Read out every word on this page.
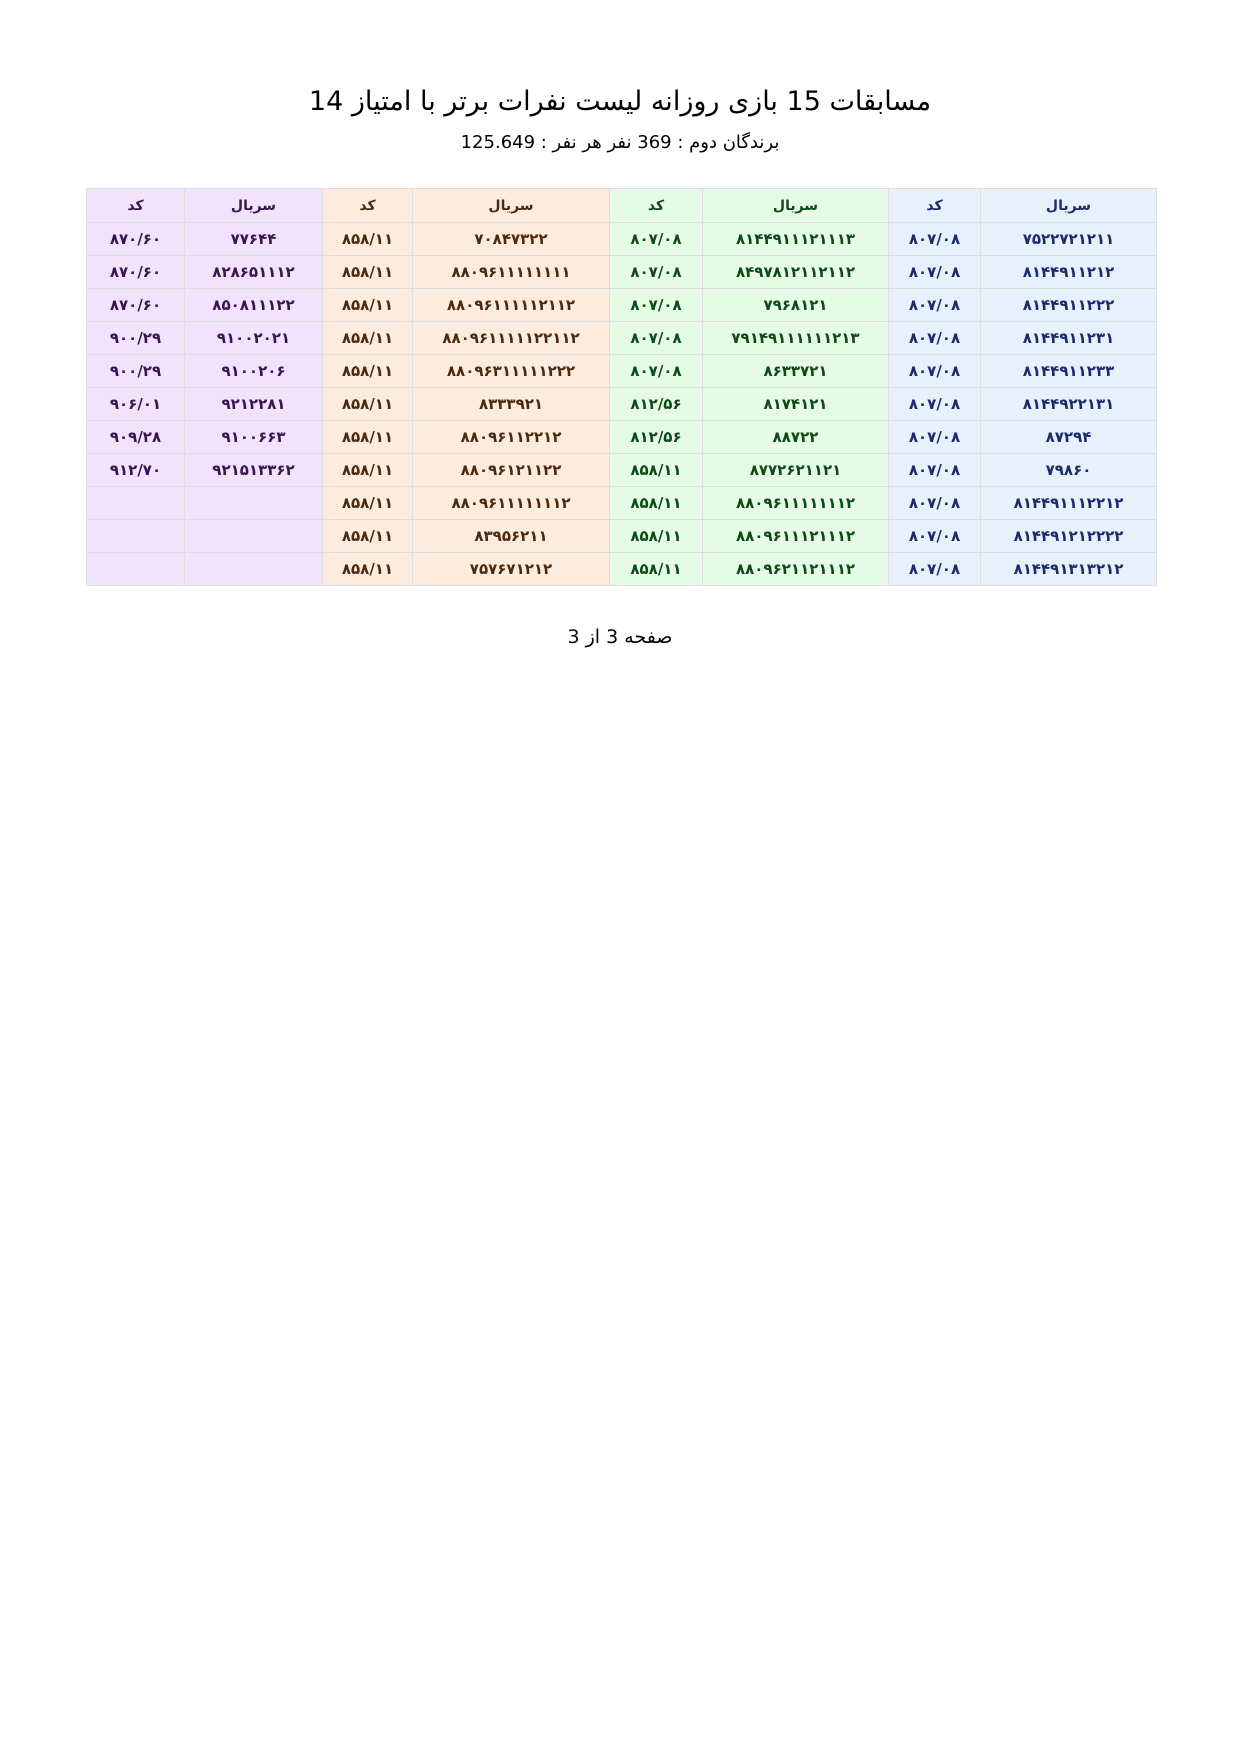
مسابقات 15 بازی روزانه لیست نفرات برتر با امتیاز 14

برندگان دوم : 369 نفر هر نفر : 125.649

سریال	کد	سریال	کد	سریال	کد	سریال	کد
۷۵۲۲۷۲۱۲۱۱	۸۰۷/۰۸	۸۱۴۴۹۱۱۱۲۱۱۱۳	۸۰۷/۰۸	۷۰۸۴۷۳۲۲	۸۵۸/۱۱	۷۷۶۴۴	۸۷۰/۶۰
۸۱۴۴۹۱۱۲۱۲	۸۰۷/۰۸	۸۴۹۷۸۱۲۱۱۲۱۱۲	۸۰۷/۰۸	۸۸۰۹۶۱۱۱۱۱۱۱۱	۸۵۸/۱۱	۸۲۸۶۵۱۱۱۲	۸۷۰/۶۰
۸۱۴۴۹۱۱۲۲۲	۸۰۷/۰۸	۷۹۶۸۱۲۱	۸۰۷/۰۸	۸۸۰۹۶۱۱۱۱۱۲۱۱۲	۸۵۸/۱۱	۸۵۰۸۱۱۱۲۲	۸۷۰/۶۰
۸۱۴۴۹۱۱۲۳۱	۸۰۷/۰۸	۷۹۱۴۹۱۱۱۱۱۱۲۱۳	۸۰۷/۰۸	۸۸۰۹۶۱۱۱۱۱۲۲۱۱۲	۸۵۸/۱۱	۹۱۰۰۲۰۲۱	۹۰۰/۲۹
۸۱۴۴۹۱۱۲۳۳	۸۰۷/۰۸	۸۶۳۳۷۲۱	۸۰۷/۰۸	۸۸۰۹۶۳۱۱۱۱۱۲۲۲	۸۵۸/۱۱	۹۱۰۰۲۰۶	۹۰۰/۲۹
۸۱۴۴۹۲۲۱۳۱	۸۰۷/۰۸	۸۱۷۴۱۲۱	۸۱۲/۵۶	۸۳۳۳۹۲۱	۸۵۸/۱۱	۹۲۱۲۲۸۱	۹۰۶/۰۱
۸۷۲۹۴	۸۰۷/۰۸	۸۸۷۲۲	۸۱۲/۵۶	۸۸۰۹۶۱۱۲۲۱۲	۸۵۸/۱۱	۹۱۰۰۶۶۳	۹۰۹/۲۸
۷۹۸۶۰	۸۰۷/۰۸	۸۷۷۲۶۲۱۱۲۱	۸۵۸/۱۱	۸۸۰۹۶۱۲۱۱۲۲	۸۵۸/۱۱	۹۲۱۵۱۳۳۶۲	۹۱۲/۷۰
۸۱۴۴۹۱۱۱۲۲۱۲	۸۰۷/۰۸	۸۸۰۹۶۱۱۱۱۱۱۱۲	۸۵۸/۱۱	۸۸۰۹۶۱۱۱۱۱۱۱۲	۸۵۸/۱۱		
۸۱۴۴۹۱۲۱۲۲۲۲	۸۰۷/۰۸	۸۸۰۹۶۱۱۱۲۱۱۱۲	۸۵۸/۱۱	۸۳۹۵۶۲۱۱	۸۵۸/۱۱		
۸۱۴۴۹۱۳۱۳۲۱۲	۸۰۷/۰۸	۸۸۰۹۶۲۱۱۲۱۱۱۲	۸۵۸/۱۱	۷۵۷۶۷۱۲۱۲	۸۵۸/۱۱		

صفحه 3 از 3
